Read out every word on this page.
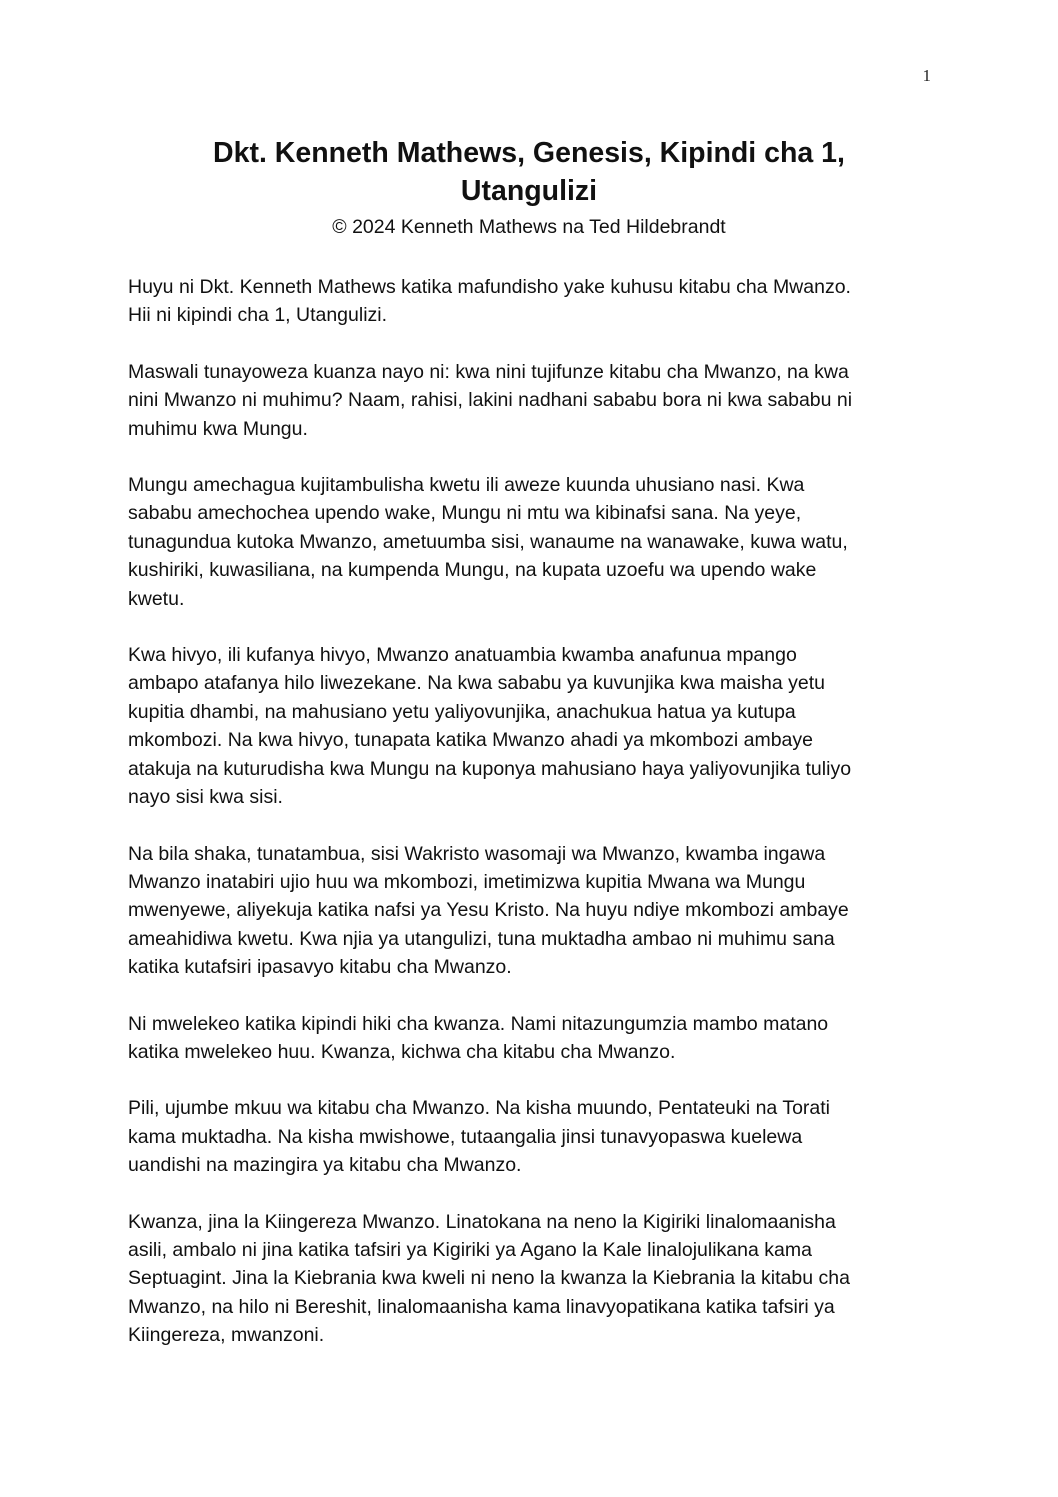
1
Dkt. Kenneth Mathews, Genesis, Kipindi cha 1,
Utangulizi
© 2024 Kenneth Mathews na Ted Hildebrandt

Huyu ni Dkt. Kenneth Mathews katika mafundisho yake kuhusu kitabu cha Mwanzo.
Hii ni kipindi cha 1, Utangulizi.

Maswali tunayoweza kuanza nayo ni: kwa nini tujifunze kitabu cha Mwanzo, na kwa
nini Mwanzo ni muhimu? Naam, rahisi, lakini nadhani sababu bora ni kwa sababu ni
muhimu kwa Mungu.

Mungu amechagua kujitambulisha kwetu ili aweze kuunda uhusiano nasi. Kwa
sababu amechochea upendo wake, Mungu ni mtu wa kibinafsi sana. Na yeye,
tunagundua kutoka Mwanzo, ametuumba sisi, wanaume na wanawake, kuwa watu,
kushiriki, kuwasiliana, na kumpenda Mungu, na kupata uzoefu wa upendo wake
kwetu.

Kwa hivyo, ili kufanya hivyo, Mwanzo anatuambia kwamba anafunua mpango
ambapo atafanya hilo liwezekane. Na kwa sababu ya kuvunjika kwa maisha yetu
kupitia dhambi, na mahusiano yetu yaliyovunjika, anachukua hatua ya kutupa
mkombozi. Na kwa hivyo, tunapata katika Mwanzo ahadi ya mkombozi ambaye
atakuja na kuturudisha kwa Mungu na kuponya mahusiano haya yaliyovunjika tuliyo
nayo sisi kwa sisi.

Na bila shaka, tunatambua, sisi Wakristo wasomaji wa Mwanzo, kwamba ingawa
Mwanzo inatabiri ujio huu wa mkombozi, imetimizwa kupitia Mwana wa Mungu
mwenyewe, aliyekuja katika nafsi ya Yesu Kristo. Na huyu ndiye mkombozi ambaye
ameahidiwa kwetu. Kwa njia ya utangulizi, tuna muktadha ambao ni muhimu sana
katika kutafsiri ipasavyo kitabu cha Mwanzo.

Ni mwelekeo katika kipindi hiki cha kwanza. Nami nitazungumzia mambo matano
katika mwelekeo huu. Kwanza, kichwa cha kitabu cha Mwanzo.

Pili, ujumbe mkuu wa kitabu cha Mwanzo. Na kisha muundo, Pentateuki na Torati
kama muktadha. Na kisha mwishowe, tutaangalia jinsi tunavyopaswa kuelewa
uandishi na mazingira ya kitabu cha Mwanzo.

Kwanza, jina la Kiingereza Mwanzo. Linatokana na neno la Kigiriki linalomaanisha
asili, ambalo ni jina katika tafsiri ya Kigiriki ya Agano la Kale linalojulikana kama
Septuagint. Jina la Kiebrania kwa kweli ni neno la kwanza la Kiebrania la kitabu cha
Mwanzo, na hilo ni Bereshit, linalomaanisha kama linavyopatikana katika tafsiri ya
Kiingereza, mwanzoni.
